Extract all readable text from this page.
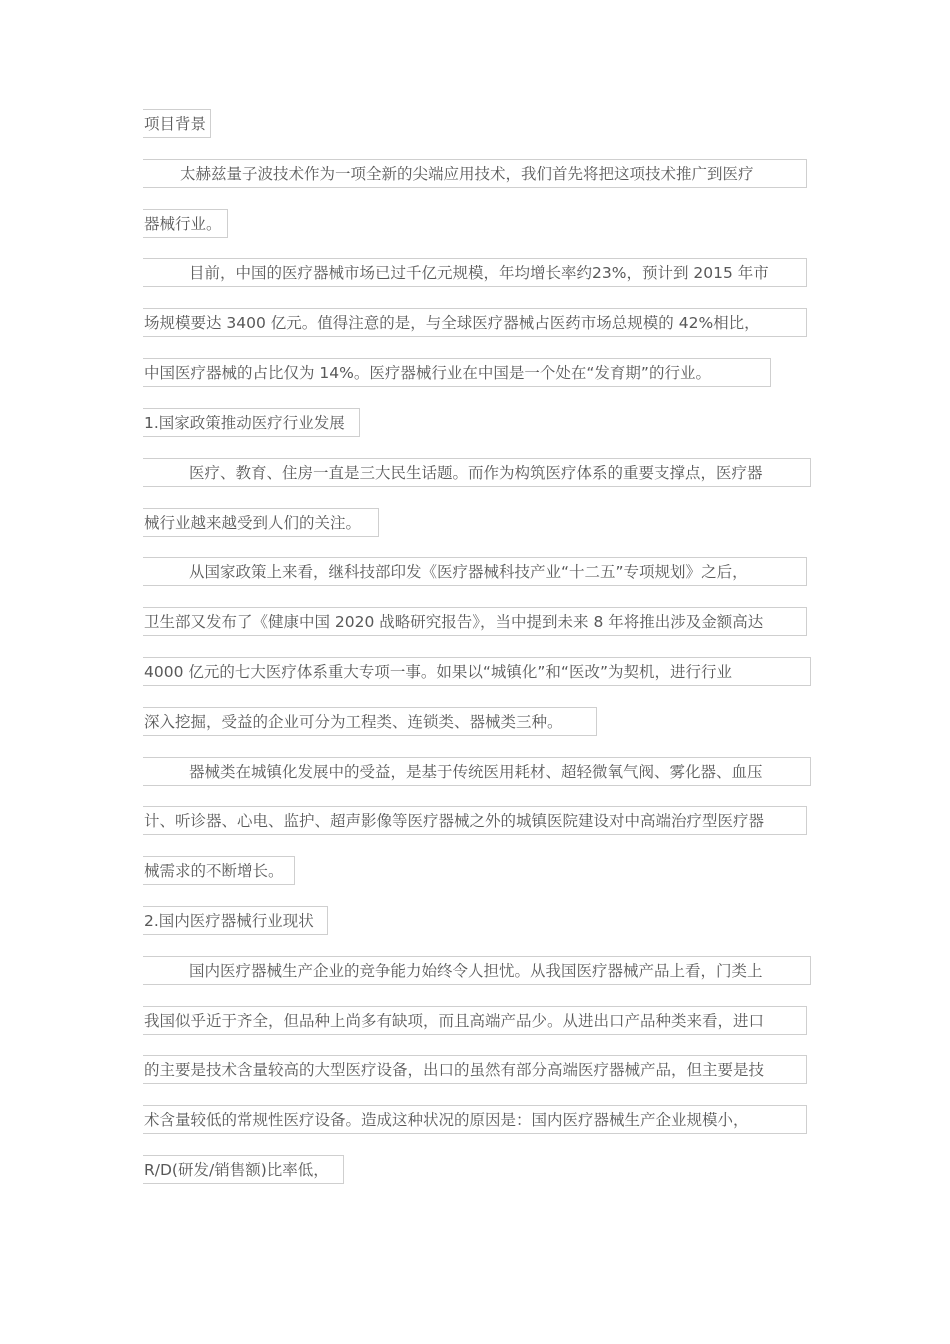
项目背景
太赫兹量子波技术作为一项全新的尖端应用技术，我们首先将把这项技术推广到医疗
器械行业。
目前，中国的医疗器械市场已过千亿元规模，年均增长率约23%，预计到 2015 年市
场规模要达 3400 亿元。值得注意的是，与全球医疗器械占医药市场总规模的 42%相比，
中国医疗器械的占比仅为 14%。医疗器械行业在中国是一个处在“发育期”的行业。
1.国家政策推动医疗行业发展
医疗、教育、住房一直是三大民生话题。而作为构筑医疗体系的重要支撑点，医疗器
械行业越来越受到人们的关注。
从国家政策上来看，继科技部印发《医疗器械科技产业“十二五”专项规划》之后，
卫生部又发布了《健康中国 2020 战略研究报告》，当中提到未来 8 年将推出涉及金额高达
4000 亿元的七大医疗体系重大专项一事。如果以“城镇化”和“医改”为契机，进行行业
深入挖掘，受益的企业可分为工程类、连锁类、器械类三种。
器械类在城镇化发展中的受益，是基于传统医用耗材、超轻微氧气阀、雾化器、血压
计、听诊器、心电、监护、超声影像等医疗器械之外的城镇医院建设对中高端治疗型医疗器
械需求的不断增长。
2.国内医疗器械行业现状
国内医疗器械生产企业的竞争能力始终令人担忧。从我国医疗器械产品上看，门类上
我国似乎近于齐全，但品种上尚多有缺项，而且高端产品少。从进出口产品种类来看，进口
的主要是技术含量较高的大型医疗设备，出口的虽然有部分高端医疗器械产品，但主要是技
术含量较低的常规性医疗设备。造成这种状况的原因是：国内医疗器械生产企业规模小，
R/D(研发/销售额)比率低，
